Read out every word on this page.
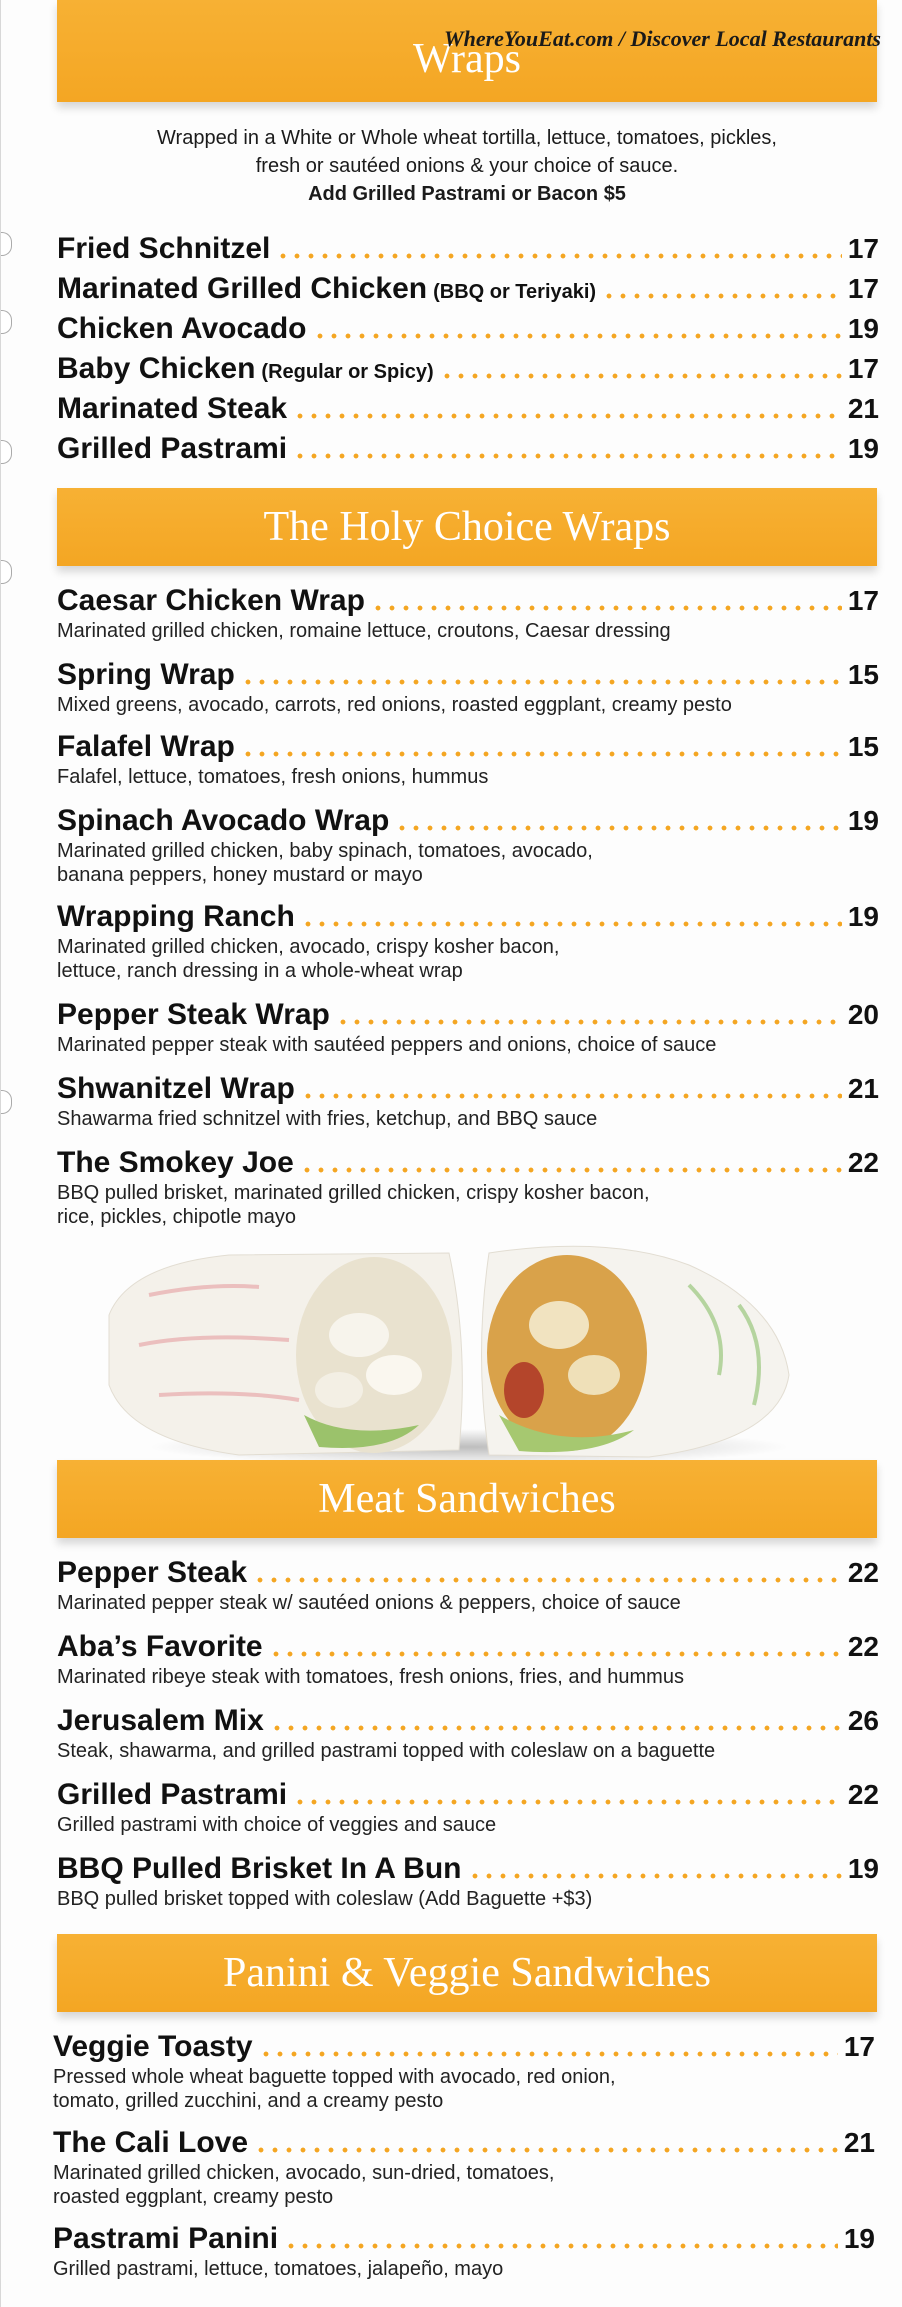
WhereYouEat.com / Discover Local Restaurants
Wraps
Wrapped in a White or Whole wheat tortilla, lettuce, tomatoes, pickles,
fresh or sautéed onions & your choice of sauce.
Add Grilled Pastrami or Bacon $5
Fried Schnitzel	17
Marinated Grilled Chicken (BBQ or Teriyaki)	17
Chicken Avocado	19
Baby Chicken (Regular or Spicy)	17
Marinated Steak	21
Grilled Pastrami	19
The Holy Choice Wraps
Caesar Chicken Wrap	17
Marinated grilled chicken, romaine lettuce, croutons, Caesar dressing
Spring Wrap	15
Mixed greens, avocado, carrots, red onions, roasted eggplant, creamy pesto
Falafel Wrap	15
Falafel, lettuce, tomatoes, fresh onions, hummus
Spinach Avocado Wrap	19
Marinated grilled chicken, baby spinach, tomatoes, avocado,
banana peppers, honey mustard or mayo
Wrapping Ranch	19
Marinated grilled chicken, avocado, crispy kosher bacon,
lettuce, ranch dressing in a whole-wheat wrap
Pepper Steak Wrap	20
Marinated pepper steak with sautéed peppers and onions, choice of sauce
Shwanitzel Wrap	21
Shawarma fried schnitzel with fries, ketchup, and BBQ sauce
The Smokey Joe	22
BBQ pulled brisket, marinated grilled chicken, crispy kosher bacon,
rice, pickles, chipotle mayo
Meat Sandwiches
Pepper Steak	22
Marinated pepper steak w/ sautéed onions & peppers, choice of sauce
Aba’s Favorite	22
Marinated ribeye steak with tomatoes, fresh onions, fries, and hummus
Jerusalem Mix	26
Steak, shawarma, and grilled pastrami topped with coleslaw on a baguette
Grilled Pastrami	22
Grilled pastrami with choice of veggies and sauce
BBQ Pulled Brisket In A Bun	19
BBQ pulled brisket topped with coleslaw (Add Baguette +$3)
Panini & Veggie Sandwiches
Veggie Toasty	17
Pressed whole wheat baguette topped with avocado, red onion,
tomato, grilled zucchini, and a creamy pesto
The Cali Love	21
Marinated grilled chicken, avocado, sun-dried, tomatoes,
roasted eggplant, creamy pesto
Pastrami Panini	19
Grilled pastrami, lettuce, tomatoes, jalapeño, mayo
